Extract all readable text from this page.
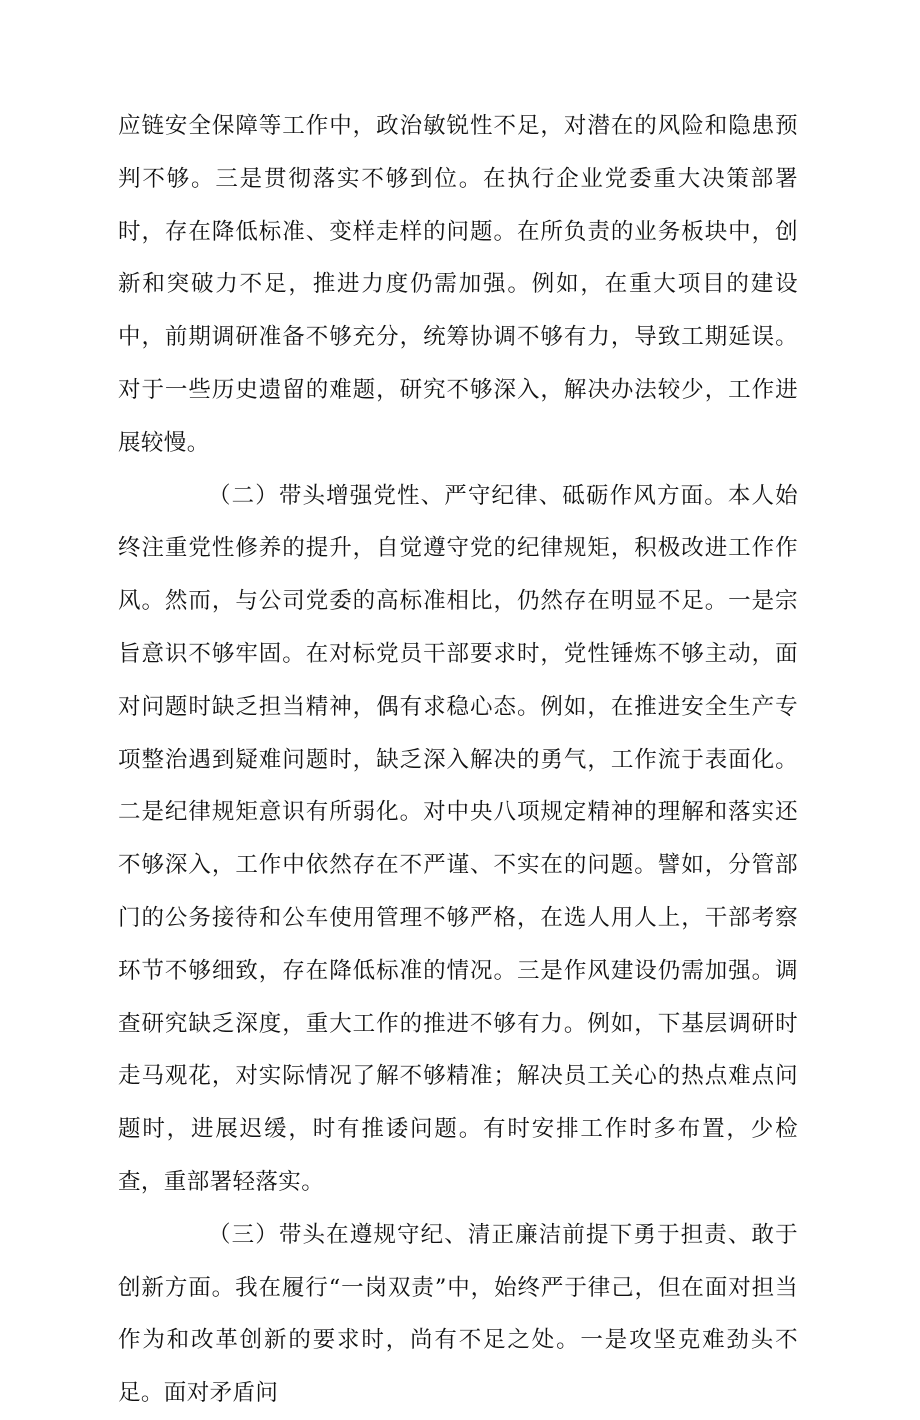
应链安全保障等工作中，政治敏锐性不足，对潜在的风险和隐患预判不够。三是贯彻落实不够到位。在执行企业党委重大决策部署时，存在降低标准、变样走样的问题。在所负责的业务板块中，创新和突破力不足，推进力度仍需加强。例如，在重大项目的建设中，前期调研准备不够充分，统筹协调不够有力，导致工期延误。对于一些历史遗留的难题，研究不够深入，解决办法较少，工作进展较慢。

（二）带头增强党性、严守纪律、砥砺作风方面。本人始终注重党性修养的提升，自觉遵守党的纪律规矩，积极改进工作作风。然而，与公司党委的高标准相比，仍然存在明显不足。一是宗旨意识不够牢固。在对标党员干部要求时，党性锤炼不够主动，面对问题时缺乏担当精神，偶有求稳心态。例如，在推进安全生产专项整治遇到疑难问题时，缺乏深入解决的勇气，工作流于表面化。二是纪律规矩意识有所弱化。对中央八项规定精神的理解和落实还不够深入，工作中依然存在不严谨、不实在的问题。譬如，分管部门的公务接待和公车使用管理不够严格，在选人用人上，干部考察环节不够细致，存在降低标准的情况。三是作风建设仍需加强。调查研究缺乏深度，重大工作的推进不够有力。例如，下基层调研时走马观花，对实际情况了解不够精准；解决员工关心的热点难点问题时，进展迟缓，时有推诿问题。有时安排工作时多布置，少检查，重部署轻落实。

（三）带头在遵规守纪、清正廉洁前提下勇于担责、敢于创新方面。我在履行“一岗双责”中，始终严于律己，但在面对担当作为和改革创新的要求时，尚有不足之处。一是攻坚克难劲头不足。面对矛盾问
